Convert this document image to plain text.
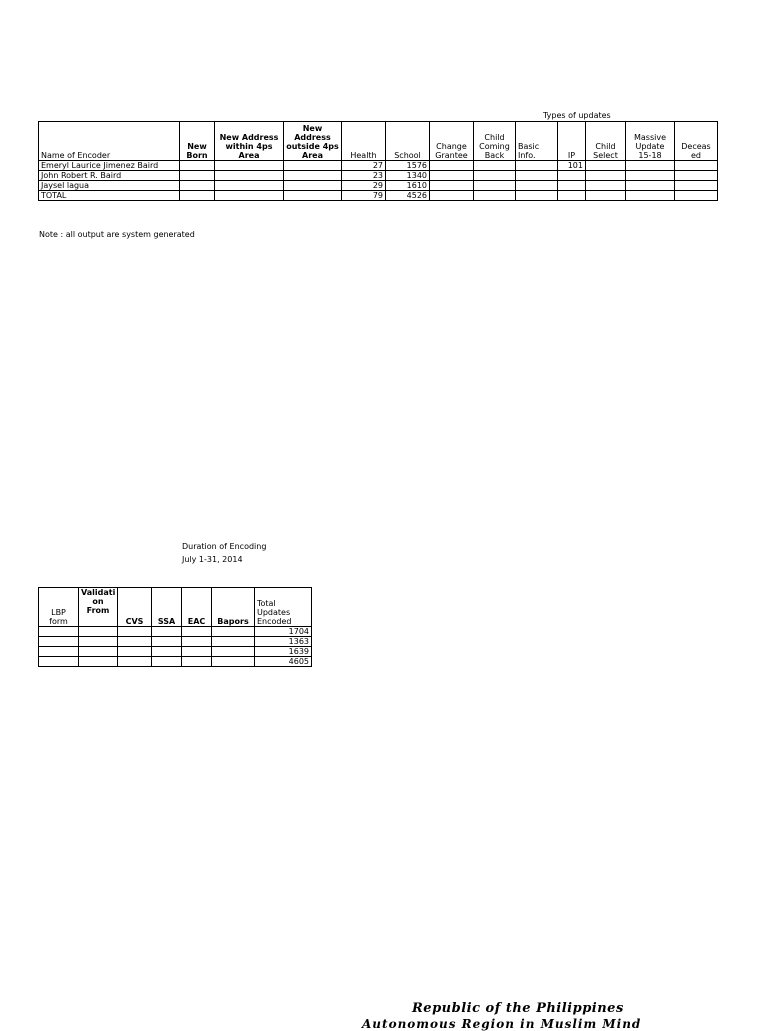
Types of updates
Name of Encoder	New Born	New Address within 4ps Area	New Address outside 4ps Area	Health	School	Change Grantee	Child Coming Back	Basic Info.	IP	Child Select	Massive Update 15-18	Deceas ed
Emeryl Laurice Jimenez Baird				27	1576				101			
John Robert R. Baird				23	1340							
Jaysel lagua				29	1610							
TOTAL				79	4526							
Note : all output are system generated
Duration of Encoding
July 1-31, 2014
LBP form	Validati on From	CVS	SSA	EAC	Bapors	Total Updates Encoded
						1704
						1363
						1639
						4605
Republic of the Philippines
Autonomous Region in Muslim Mind
